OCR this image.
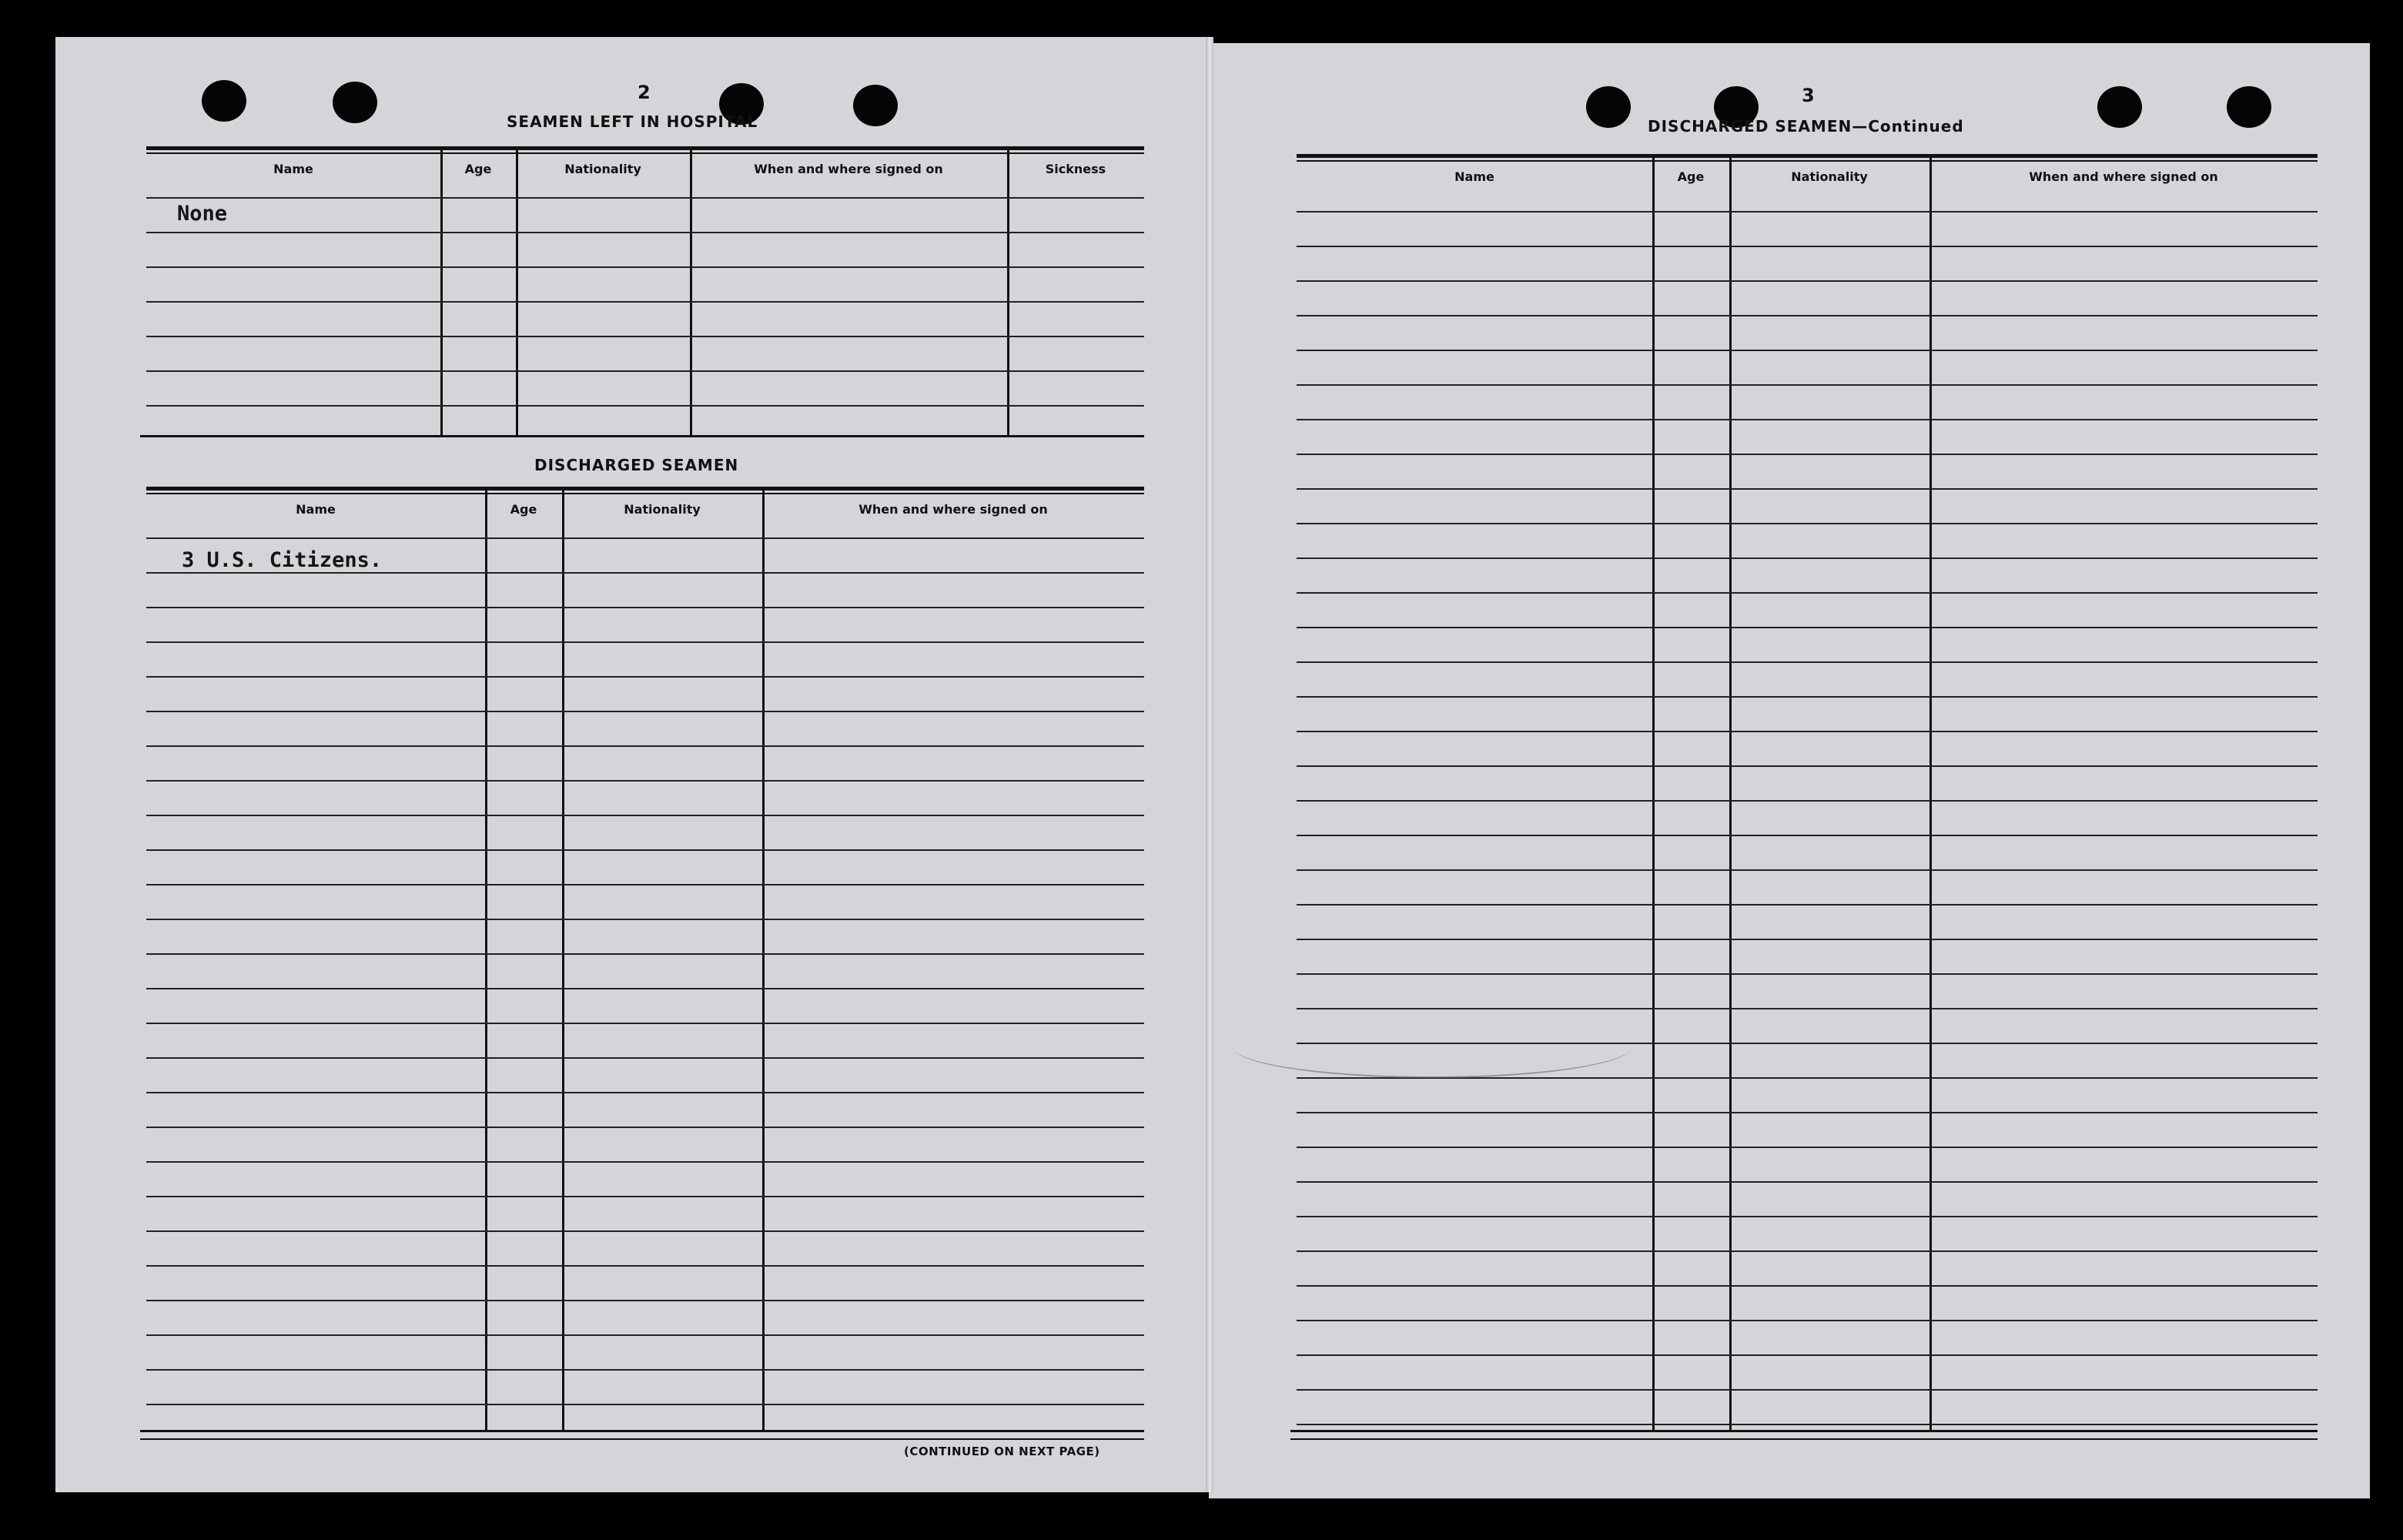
2
SEAMEN LEFT IN HOSPITAL
Name	Age	Nationality	When and where signed on	Sickness
None
DISCHARGED SEAMEN
Name	Age	Nationality	When and where signed on
3 U.S. Citizens.
(CONTINUED ON NEXT PAGE)
3
DISCHARGED SEAMEN—Continued
Name	Age	Nationality	When and where signed on
